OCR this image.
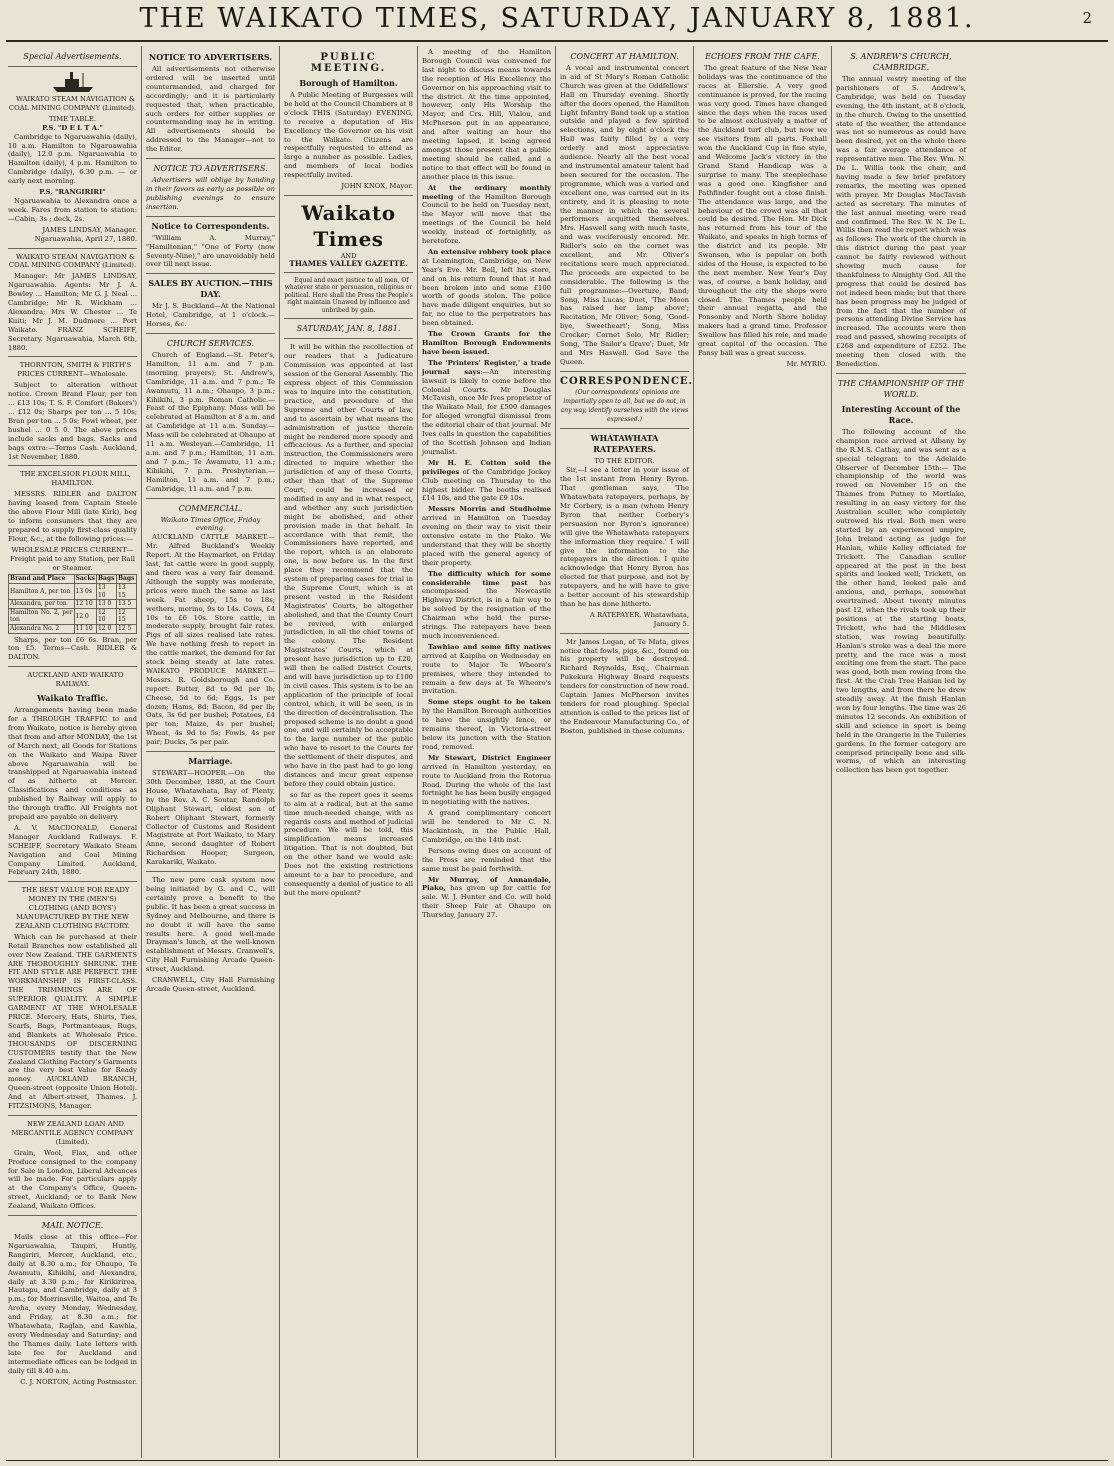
THE WAIKATO TIMES, SATURDAY, JANUARY 8, 1881.	2
Special Advertisements.
WAIKATO STEAM NAVIGATION & COAL MINING COMPANY (Limited).
TIME TABLE.
P.S. "D E L T A."
Cambridge to Ngaruawahia (daily), 10 a.m. Hamilton to Ngaruawahia (daily), 12.0 p.m. Ngaruawahia to Hamilton (daily), 4 p.m. Hamilton to Cambridge (daily), 6.30 p.m. — or early next morning.
P.S. "RANGIRIRI"
Ngaruawahia to Alexandra once a week. Fares from station to station:—Cabin, 3s ; deck, 2s.
JAMES LINDSAY, Manager. Ngaruawahia, April 27, 1880.
WAIKATO STEAM NAVIGATION & COAL MINING COMPANY (Limited).
Manager: Mr JAMES LINDSAY, Ngaruawahia. Agents: Mr J. A. Bowley ... Hamilton; Mr G. J. Neal ... Cambridge; Mr R. Wickham ... Alexandra; Mrs W. Chester ... Te Kuiti; Mr J. M. Dudmore ... Port Waikato. FRANZ SCHEIFF, Secretary. Ngaruawahia, March 6th, 1880.
THORNTON, SMITH & FIRTH'S PRICES CURRENT—Wholesale.
Subject to alteration without notice. Crown Brand Flour, per ton ... £13 10s; T. S. F. Comfort (Bakers') ... £12 0s; Sharps per ton ... 5 10s; Bran per ton ... 5 0s; Fowl wheat, per bushel ... 0 5 0. The above prices include sacks and bags. Sacks and bags extra:—Terms Cash. Auckland, 1st November, 1880.
THE EXCELSIOR FLOUR MILL, HAMILTON.
MESSRS. RIDLER and DALTON having leased from Captain Steele the above Flour Mill (late Kirk), beg to inform consumers that they are prepared to supply first-class quality Flour, &c., at the following prices:—
WHOLESALE PRICES CURRENT—Freight paid to any Station, per Rail or Steamer.
Brand and Place	Sacks	Bags	Bags
Hamilton A, per ton	13 0s	13 10	13 15
Alexandra, per ton	12 10	13 0	13 5
Hamilton No. 2, per ton	12 0	12 10	12 15
Alexandra No. 2	11 10	12 0	12 5
Sharps, per ton £6 6s. Bran, per ton £5. Terms—Cash. RIDLER & DALTON.
AUCKLAND AND WAIKATO RAILWAY.
Waikato Traffic.
Arrangements having been made for a THROUGH TRAFFIC to and from Waikato, notice is hereby given that from and after MONDAY, the 1st of March next, all Goods for Stations on the Waikato and Waipa River above Ngaruawahia will be transhipped at Ngaruawahia instead of as hitherto at Mercer. Classifications and conditions as published by Railway will apply to the through traffic. All Freights not prepaid are payable on delivery.
A. V. MACDONALD, General Manager Auckland Railways. F. SCHEIFF, Secretary Waikato Steam Navigation and Coal Mining Company Limited. Auckland, February 24th, 1880.
THE BEST VALUE FOR READY MONEY IN THE (MEN'S) CLOTHING (AND BOYS') MANUFACTURED BY THE NEW ZEALAND CLOTHING FACTORY.
Which can be purchased at their Retail Branches now established all over New Zealand. THE GARMENTS ARE THOROUGHLY SHRUNK. THE FIT AND STYLE ARE PERFECT. THE WORKMANSHIP IS FIRST-CLASS. THE TRIMMINGS ARE OF SUPERIOR QUALITY. A SIMPLE GARMENT AT THE WHOLESALE PRICE. Mercery, Hats, Shirts, Ties, Scarfs, Bags, Portmanteaus, Rugs, and Blankets at Wholesale Price. THOUSANDS OF DISCERNING CUSTOMERS testify that the New Zealand Clothing Factory's Garments are the very best Value for Ready money. AUCKLAND BRANCH, Queen-street (opposite Union Hotel). And at Albert-street, Thames. J. FITZSIMONS, Manager.
NEW ZEALAND LOAN AND MERCANTILE AGENCY COMPANY (Limited).
Grain, Wool, Flax, and other Produce consigned to the company for Sale in London, Liberal Advances will be made. For particulars apply at the Company's Office, Queen-street, Auckland; or to Bank New Zealand, Waikato Offices.
MAIL NOTICE.
Mails close at this office—For Ngaruawahia, Taupiri, Huntly, Rangiriri, Mercer, Auckland, etc., daily at 8.30 a.m.; for Ohaupo, Te Awamutu, Kihikihi, and Alexandra, daily at 3.30 p.m.; for Kirikiriroa, Hautapu, and Cambridge, daily at 3 p.m.; for Morrinsville, Waitoa, and Te Aroha, every Monday, Wednesday, and Friday, at 8.30 a.m.; for Whatawhata, Raglan, and Kawhia, every Wednesday and Saturday; and the Thames daily. Late letters with late fee for Auckland and intermediate offices can be lodged in daily till 8.40 a.m.
C. J. NORTON, Acting Postmaster.
NOTICE TO ADVERTISERS.
All advertisements not otherwise ordered will be inserted until countermanded, and charged for accordingly; and it is particularly requested that, when practicable, such orders for either supplies or countermanding may be in writing. All advertisements should be addressed to the Manager—not to the Editor.
NOTICE TO ADVERTISERS.
Advertisers will oblige by handing in their favors as early as possible on publishing evenings to ensure insertion.
Notice to Correspondents.
"William A. Murray," "Hamiltonian," "One of Forty (now Seventy-Nine)," are unavoidably held over till next issue.
SALES BY AUCTION.—THIS DAY.
Mr J. S. Buckland—At the National Hotel, Cambridge, at 1 o'clock.—Horses, &c.
CHURCH SERVICES.
Church of England.—St. Peter's, Hamilton, 11 a.m. and 7 p.m. (morning prayers); St. Andrew's, Cambridge, 11 a.m. and 7 p.m.; Te Awamutu, 11 a.m.; Ohaupo, 3 p.m.; Kihikihi, 3 p.m. Roman Catholic.—Feast of the Epiphany. Mass will be celebrated at Hamilton at 8 a.m. and at Cambridge at 11 a.m. Sunday.—Mass will be celebrated at Ohaupo at 11 a.m. Wesleyan.—Cambridge, 11 a.m. and 7 p.m.; Hamilton, 11 a.m. and 7 p.m.; Te Awamutu, 11 a.m.; Kihikihi, 7 p.m. Presbyterian.—Hamilton, 11 a.m. and 7 p.m.; Cambridge, 11 a.m. and 7 p.m.
COMMERCIAL.
Waikato Times Office, Friday evening.
AUCKLAND CATTLE MARKET.—Mr. Alfred Buckland's Weekly Report. At the Haymarket, on Friday last, fat cattle were in good supply, and there was a very fair demand. Although the supply was moderate, prices were much the same as last week. Fat sheep, 15s to 18s; wethers, merino, 9s to 14s. Cows, £4 10s to £6 10s. Store cattle, in moderate supply, brought fair rates. Pigs of all sizes realised late rates. We have nothing fresh to report in the cattle market, the demand for fat stock being steady at late rates. WAIKATO PRODUCE MARKET.—Messrs. R. Goldsborough and Co. report: Butter, 8d to 9d per lb; Cheese, 5d to 6d; Eggs, 1s per dozen; Hams, 8d; Bacon, 8d per lb; Oats, 3s 6d per bushel; Potatoes, £4 per ton; Maize, 4s per bushel; Wheat, 4s 9d to 5s; Fowls, 4s per pair; Ducks, 5s per pair.
Marriage.
STEWART—HOOPER.—On the 30th December, 1880, at the Court House, Whatawhata, Bay of Plenty, by the Rev. A. C. Soutar, Randolph Oliphant Stewart, eldest son of Robert Oliphant Stewart, formerly Collector of Customs and Resident Magistrate at Port Waikato, to Mary Anne, second daughter of Robert Richardson Hooper, Surgeon, Karakariki, Waikato.
The new pure cask system now being initiated by G. and C., will certainly prove a benefit to the public. It has been a great success in Sydney and Melbourne, and there is no doubt it will have the same results here. A good well-made Drayman's lunch, at the well-known establishment of Messrs. Cranwell's, City Hall Furnishing Arcade Queen-street, Auckland.
CRANWELL, City Hall Furnishing Arcade Queen-street, Auckland.
PUBLIC MEETING.
Borough of Hamilton.
A Public Meeting of Burgesses will be held at the Council Chambers at 8 o'clock THIS (Saturday) EVENING, to receive a deputation of His Excellency the Governor on his visit to the Waikato. Citizens are respectfully requested to attend as large a number as possible. Ladies, and members of local bodies respectfully invited.
JOHN KNOX, Mayor.
Waikato Times
AND
THAMES VALLEY GAZETTE.
Equal and exact justice to all men, Of whatever state or persuasion, religious or political. Here shall the Press the People's right maintain Unawed by influence and unbribed by gain.
SATURDAY, JAN. 8, 1881.
It will be within the recollection of our readers that a Judicature Commission was appointed at last session of the General Assembly. The express object of this Commission was to inquire into the constitution, practice, and procedure of the Supreme and other Courts of law, and to ascertain by what means the administration of justice therein might be rendered more speedy and efficacious. As a further, and special instruction, the Commissioners were directed to inquire whether the jurisdiction of any of these Courts, other than that of the Supreme Court, could be increased or modified in any and in what respect, and whether any such jurisdiction might be abolished, and other provision made in that behalf. In accordance with that remit, the Commissioners have reported, and the report, which is an elaborate one, is now before us. In the first place they recommend that the system of preparing cases for trial in the Supreme Court, which is at present vested in the Resident Magistrates' Courts, be altogether abolished, and that the County Court be revived, with enlarged jurisdiction, in all the chief towns of the colony. The Resident Magistrates' Courts, which at present have jurisdiction up to £20, will then be called District Courts, and will have jurisdiction up to £100 in civil cases. This system is to be an application of the principle of local control, which, it will be seen, is in the direction of decentralisation. The proposed scheme is no doubt a good one, and will certainly be acceptable to the large number of the public who have to resort to the Courts for the settlement of their disputes, and who have in the past had to go long distances and incur great expense before they could obtain justice.
so far as the report goes it seems to aim at a radical, but at the same time much-needed change, with as regards costs and method of judicial procedure. We will be told, this simplification means increased litigation. That is not doubted, but on the other hand we would ask: Does not the existing restrictions amount to a bar to procedure, and consequently a denial of justice to all but the more opulent?
A meeting of the Hamilton Borough Council was convened for last night to discuss means towards the reception of His Excellency the Governor on his approaching visit to the district. At the time appointed, however, only His Worship the Mayor, and Crs. Hill, Vialou, and McPherson put in an appearance, and after waiting an hour the meeting lapsed, it being agreed amongst those present that a public meeting should be called, and a notice to that effect will be found in another place in this issue.
At the ordinary monthly meeting of the Hamilton Borough Council to be held on Tuesday next, the Mayor will move that the meetings of the Council be held weekly, instead of fortnightly, as heretofore.
An extensive robbery took place at Leamington, Cambridge, on New Year's Eve. Mr. Bell, left his store, and on his return found that it had been broken into and some £100 worth of goods stolen. The police have made diligent enquiries, but so far, no clue to the perpetrators has been obtained.
The Crown Grants for the Hamilton Borough Endowments have been issued.
The 'Printers' Register,' a trade journal says:—An interesting lawsuit is likely to come before the Colonial Courts. Mr Douglas McTavish, once Mr Ives proprietor of the Waikato Mail, for £500 damages for alleged wrongful dismissal from the editorial chair of that journal. Mr Ives calls in question the capabilities of the Scottish Johnson and Indian journalist.
Mr H. E. Cotton sold the privileges of the Cambridge Jockey Club meeting on Thursday to the highest bidder. The booths realised £14 10s, and the gate £9 10s.
Messrs Morrin and Studholme arrived in Hamilton on Tuesday evening on their way to visit their extensive estate in the Piako. We understand that they will be shortly placed with the general agency of their property.
The difficulty which for some considerable time past has encompassed the Newcastle Highway District, is in a fair way to be solved by the resignation of the Chairman who held the purse-strings. The ratepayers have been much inconvenienced.
Tawhiao and some fifty natives arrived at Kaipiha on Wednesday en route to Major Te Wheoro's premises, where they intended to remain a few days at Te Wheoro's invitation.
Some steps ought to be taken by the Hamilton Borough authorities to have the unsightly fence, or remains thereof, in Victoria-street below its junction with the Station road, removed.
Mr Stewart, District Engineer arrived in Hamilton yesterday, en route to Auckland from the Rotorua Road. During the whole of the last fortnight he has been busily engaged in negotiating with the natives.
A grand complimentary concert will be tendered to Mr C. N. Mackintosh, in the Public Hall, Cambridge, on the 14th inst.
Persons owing dues on account of the Press are reminded that the same must be paid forthwith.
Mr Murray, of Annandale, Piako, has given up for cattle for sale. W. J. Hunter and Co. will hold their Sheep Fair at Ohaupo on Thursday, January 27.
CONCERT AT HAMILTON.
A vocal and instrumental concert in aid of St Mary's Roman Catholic Church was given at the Oddfellows' Hall on Thursday evening. Shortly after the doors opened, the Hamilton Light Infantry Band took up a station outside and played a few spirited selections, and by eight o'clock the Hall was fairly filled by a very orderly and most appreciative audience. Nearly all the best vocal and instrumental amateur talent had been secured for the occasion. The programme, which was a varied and excellent one, was carried out in its entirety, and it is pleasing to note the manner in which the several performers acquitted themselves. Mrs. Haswell sang with much taste, and was vociferously encored. Mr. Ridler's solo on the cornet was excellent, and Mr. Oliver's recitations were much appreciated. The proceeds are expected to be considerable. The following is the full programme:—Overture, Band; Song, Miss Lucas; Duet, 'The Moon has raised her lamp above'; Recitation, Mr Oliver; Song, 'Good-bye, Sweetheart'; Song, Miss Crocker; Cornet Solo, Mr Ridler; Song, 'The Sailor's Grave'; Duet, Mr and Mrs Haswell. God Save the Queen.
CORRESPONDENCE.
(Our correspondents' opinions are impartially open to all, but we do not, in any way, identify ourselves with the views expressed.)
WHATAWHATA RATEPAYERS.
TO THE EDITOR.
Sir,—I see a letter in your issue of the 1st instant from Henry Byron. That gentleman says, 'The Whatawhata ratepayers, perhaps, by Mr Corbery, is a man (whom Henry Byron that neither Corbery's persuasion nor Byron's ignorance) will give the Whatawhata ratepayers the information they require.' I will give the information to the ratepayers in the direction. I quite acknowledge that Henry Byron has elected for that purpose, and not by ratepayers, and he will have to give a better account of his stewardship than he has done hitherto.
A RATEPAYER. Whatawhata, January 5.
Mr James Logan, of Te Mata, gives notice that fowls, pigs, &c., found on his property will be destroyed. Richard Reynolds, Esq., Chairman Pukekura Highway Board requests tenders for construction of new road. Captain James McPherson invites tenders for road ploughing. Special attention is called to the prices list of the Endeavour Manufacturing Co., of Boston, published in these columns.
ECHOES FROM THE CAFE.
The great feature of the New Year holidays was the continuance of the races at Ellerslie. A very good continuance is proved, for the racing was very good. Times have changed since the days when the races used to be almost exclusively a matter of the Auckland turf club, but now we see visitors from all parts. Foxhall won the Auckland Cup in fine style, and Welcome Jack's victory in the Grand Stand Handicap was a surprise to many. The steeplechase was a good one. Kingfisher and Pathfinder fought out a close finish. The attendance was large, and the behaviour of the crowd was all that could be desired. The Hon. Mr Dick has returned from his tour of the Waikato, and speaks in high terms of the district and its people. Mr Swanson, who is popular on both sides of the House, is expected to be the next member. New Year's Day was, of course, a bank holiday, and throughout the city the shops were closed. The Thames people held their annual regatta, and the Ponsonby and North Shore holiday makers had a grand time. Professor Swallow has filled his role, and made great capital of the occasion. The Pansy ball was a great success.
Mr. MYRIO.
S. ANDREW'S CHURCH, CAMBRIDGE.
The annual vestry meeting of the parishioners of S. Andrew's, Cambridge, was held on Tuesday evening, the 4th instant, at 8 o'clock, in the church. Owing to the unsettled state of the weather, the attendance was not so numerous as could have been desired, yet on the whole there was a fair average attendance of representative men. The Rev. Wm. N. De L. Willis took the chair, and having made a few brief prefatory remarks, the meeting was opened with prayer. Mr Douglas MacTavish acted as secretary. The minutes of the last annual meeting were read and confirmed. The Rev. W. N. De L. Willis then read the report which was as follows: The work of the church in this district during the past year cannot be fairly reviewed without showing much cause for thankfulness to Almighty God. All the progress that could be desired has not indeed been made; but that there has been progress may be judged of from the fact that the number of persons attending Divine Service has increased. The accounts were then read and passed, showing receipts of £268 and expenditure of £252. The meeting then closed with the Benediction.
THE CHAMPIONSHIP OF THE WORLD.
Interesting Account of the Race.
The following account of the champion race arrived at Albany by the R.M.S. Cathay, and was sent as a special telegram to the Adelaide Observer of December 15th:— The championship of the world was rowed on November 15 on the Thames from Putney to Mortlake, resulting in an easy victory for the Australian sculler, who completely outrowed his rival. Both men were started by an experienced umpire, John Ireland acting as judge for Hanlan, while Kelley officiated for Trickett. The Canadian sculler appeared at the post in the best spirits and looked well; Trickett, on the other hand, looked pale and anxious, and, perhaps, somewhat overtrained. About twenty minutes past 12, when the rivals took up their positions at the starting boats, Trickett, who had the Middlesex station, was rowing beautifully. Hanlan's stroke was a deal the more pretty, and the race was a most exciting one from the start. The pace was good, both men rowing from the first. At the Crab Tree Hanlan led by two lengths, and from there he drew steadily away. At the finish Hanlan won by four lengths. The time was 26 minutes 12 seconds. An exhibition of skill and science in sport is being held in the Orangerie in the Tuileries gardens. In the former category are comprised principally bone and silk-worms, of which an interesting collection has been got together.
